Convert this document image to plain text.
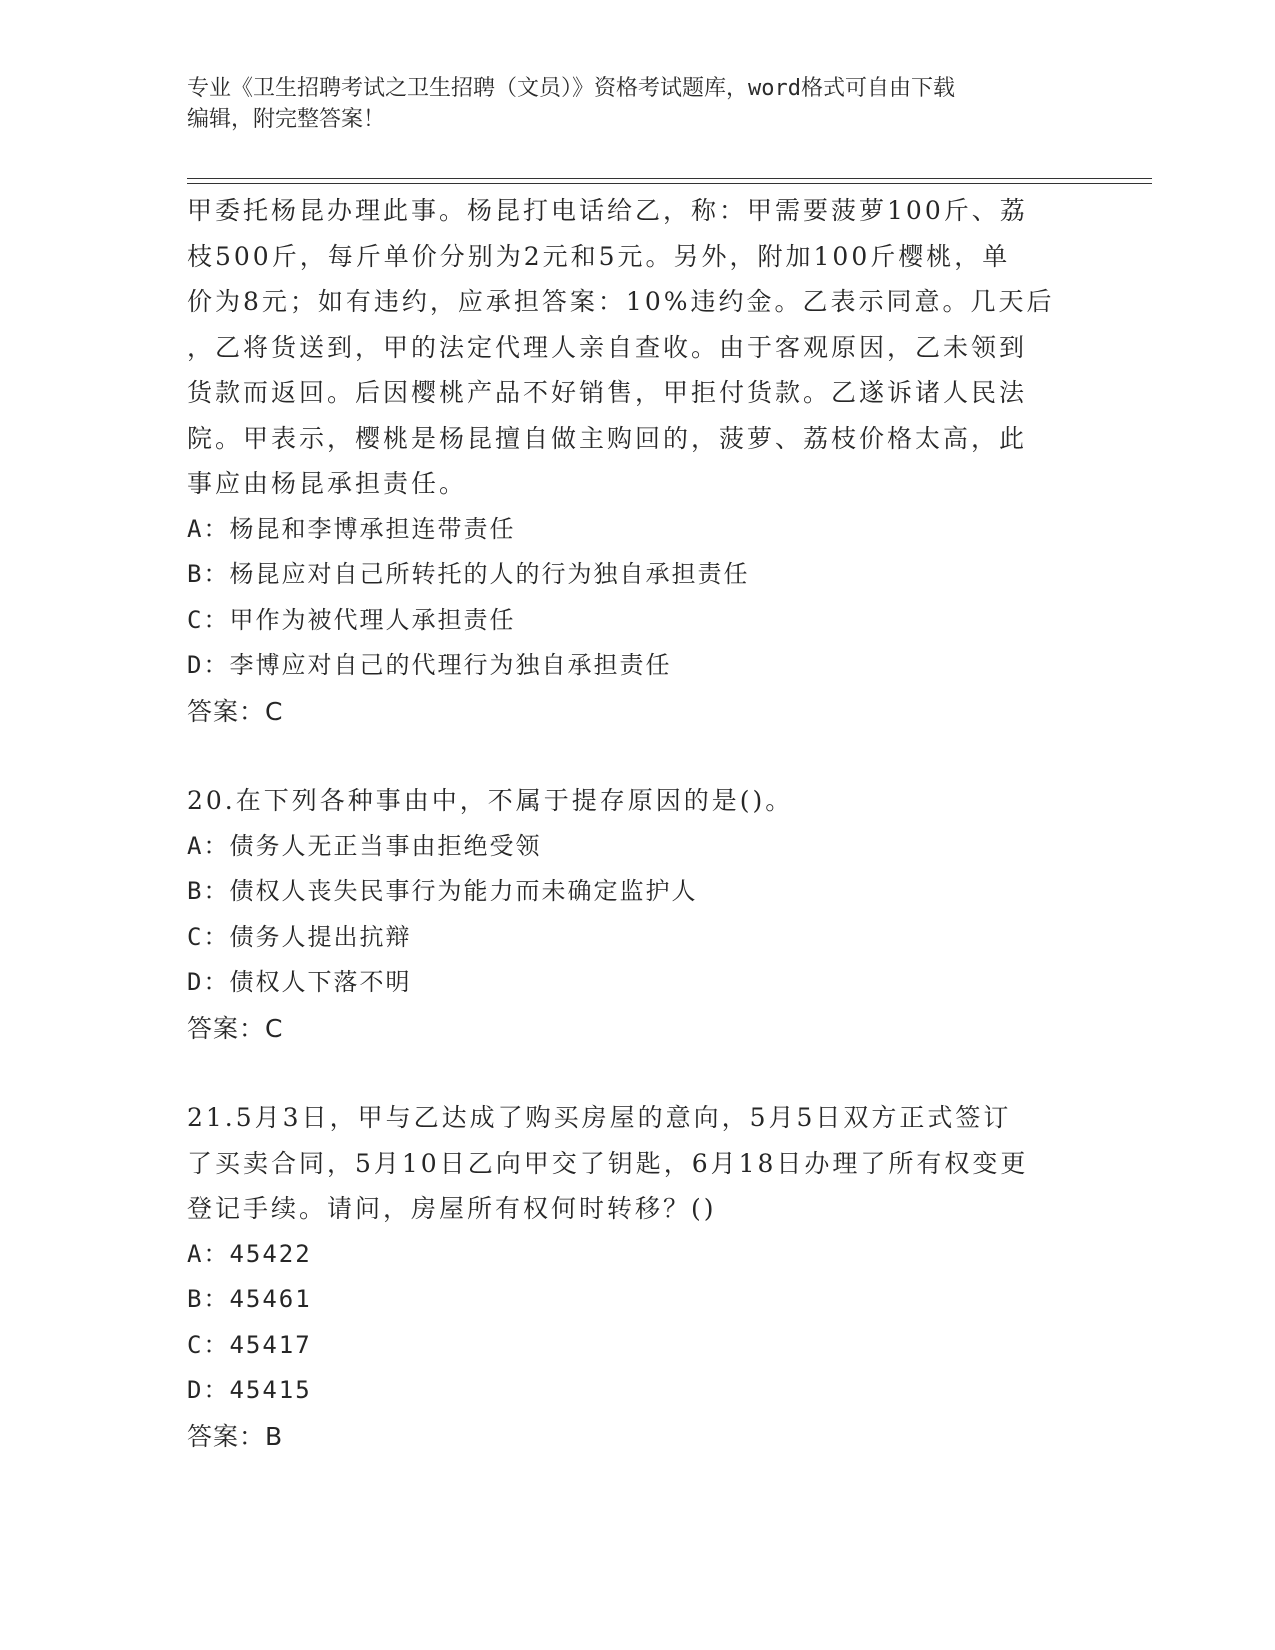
专业《卫生招聘考试之卫生招聘（文员）》资格考试题库，word格式可自由下载
编辑，附完整答案！
甲委托杨昆办理此事。杨昆打电话给乙，称：甲需要菠萝100斤、荔
枝500斤，每斤单价分别为2元和5元。另外，附加100斤樱桃，单
价为8元；如有违约，应承担答案：10%违约金。乙表示同意。几天后
，乙将货送到，甲的法定代理人亲自查收。由于客观原因，乙未领到
货款而返回。后因樱桃产品不好销售，甲拒付货款。乙遂诉诸人民法
院。甲表示，樱桃是杨昆擅自做主购回的，菠萝、荔枝价格太高，此
事应由杨昆承担责任。
A：杨昆和李博承担连带责任
B：杨昆应对自己所转托的人的行为独自承担责任
C：甲作为被代理人承担责任
D：李博应对自己的代理行为独自承担责任
答案：C
20.在下列各种事由中，不属于提存原因的是()。
A：债务人无正当事由拒绝受领
B：债权人丧失民事行为能力而未确定监护人
C：债务人提出抗辩
D：债权人下落不明
答案：C
21.5月3日，甲与乙达成了购买房屋的意向，5月5日双方正式签订
了买卖合同，5月10日乙向甲交了钥匙，6月18日办理了所有权变更
登记手续。请问，房屋所有权何时转移？()
A：45422
B：45461
C：45417
D：45415
答案：B
